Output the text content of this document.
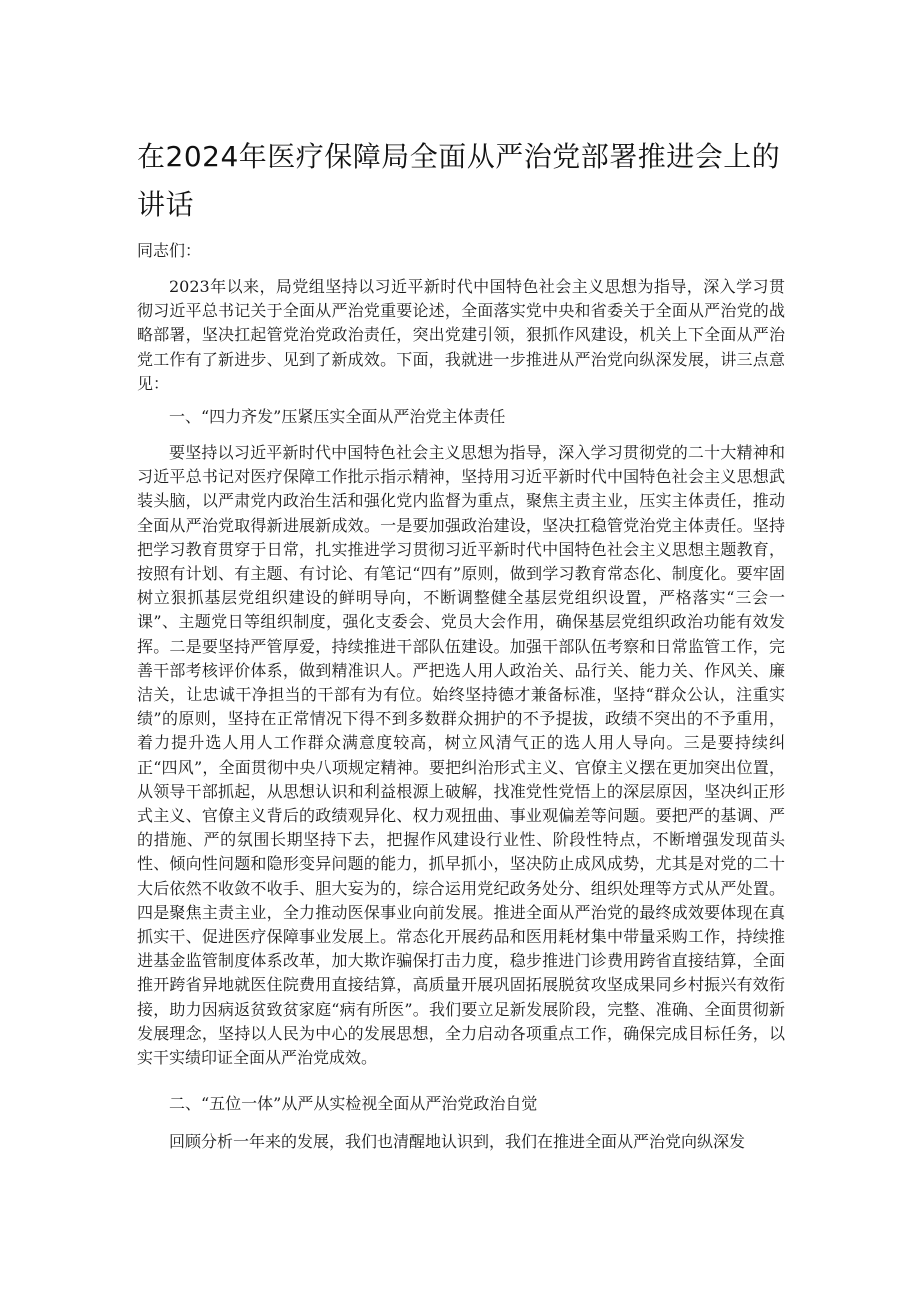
在2024年医疗保障局全面从严治党部署推进会上的讲话

同志们：

2023年以来，局党组坚持以习近平新时代中国特色社会主义思想为指导，深入学习贯彻习近平总书记关于全面从严治党重要论述，全面落实党中央和省委关于全面从严治党的战略部署，坚决扛起管党治党政治责任，突出党建引领，狠抓作风建设，机关上下全面从严治党工作有了新进步、见到了新成效。下面，我就进一步推进从严治党向纵深发展，讲三点意见：

一、“四力齐发”压紧压实全面从严治党主体责任

要坚持以习近平新时代中国特色社会主义思想为指导，深入学习贯彻党的二十大精神和习近平总书记对医疗保障工作批示指示精神，坚持用习近平新时代中国特色社会主义思想武装头脑，以严肃党内政治生活和强化党内监督为重点，聚焦主责主业，压实主体责任，推动全面从严治党取得新进展新成效。一是要加强政治建设，坚决扛稳管党治党主体责任。坚持把学习教育贯穿于日常，扎实推进学习贯彻习近平新时代中国特色社会主义思想主题教育，按照有计划、有主题、有讨论、有笔记“四有”原则，做到学习教育常态化、制度化。要牢固树立狠抓基层党组织建设的鲜明导向，不断调整健全基层党组织设置，严格落实“三会一课”、主题党日等组织制度，强化支委会、党员大会作用，确保基层党组织政治功能有效发挥。二是要坚持严管厚爱，持续推进干部队伍建设。加强干部队伍考察和日常监管工作，完善干部考核评价体系，做到精准识人。严把选人用人政治关、品行关、能力关、作风关、廉洁关，让忠诚干净担当的干部有为有位。始终坚持德才兼备标准，坚持“群众公认，注重实绩”的原则，坚持在正常情况下得不到多数群众拥护的不予提拔，政绩不突出的不予重用，着力提升选人用人工作群众满意度较高，树立风清气正的选人用人导向。三是要持续纠正“四风”，全面贯彻中央八项规定精神。要把纠治形式主义、官僚主义摆在更加突出位置，从领导干部抓起，从思想认识和利益根源上破解，找准党性党悟上的深层原因，坚决纠正形式主义、官僚主义背后的政绩观异化、权力观扭曲、事业观偏差等问题。要把严的基调、严的措施、严的氛围长期坚持下去，把握作风建设行业性、阶段性特点，不断增强发现苗头性、倾向性问题和隐形变异问题的能力，抓早抓小，坚决防止成风成势，尤其是对党的二十大后依然不收敛不收手、胆大妄为的，综合运用党纪政务处分、组织处理等方式从严处置。四是聚焦主责主业，全力推动医保事业向前发展。推进全面从严治党的最终成效要体现在真抓实干、促进医疗保障事业发展上。常态化开展药品和医用耗材集中带量采购工作，持续推进基金监管制度体系改革，加大欺诈骗保打击力度，稳步推进门诊费用跨省直接结算，全面推开跨省异地就医住院费用直接结算，高质量开展巩固拓展脱贫攻坚成果同乡村振兴有效衔接，助力因病返贫致贫家庭“病有所医”。我们要立足新发展阶段，完整、准确、全面贯彻新发展理念，坚持以人民为中心的发展思想，全力启动各项重点工作，确保完成目标任务，以实干实绩印证全面从严治党成效。

二、“五位一体”从严从实检视全面从严治党政治自觉

回顾分析一年来的发展，我们也清醒地认识到，我们在推进全面从严治党向纵深发
